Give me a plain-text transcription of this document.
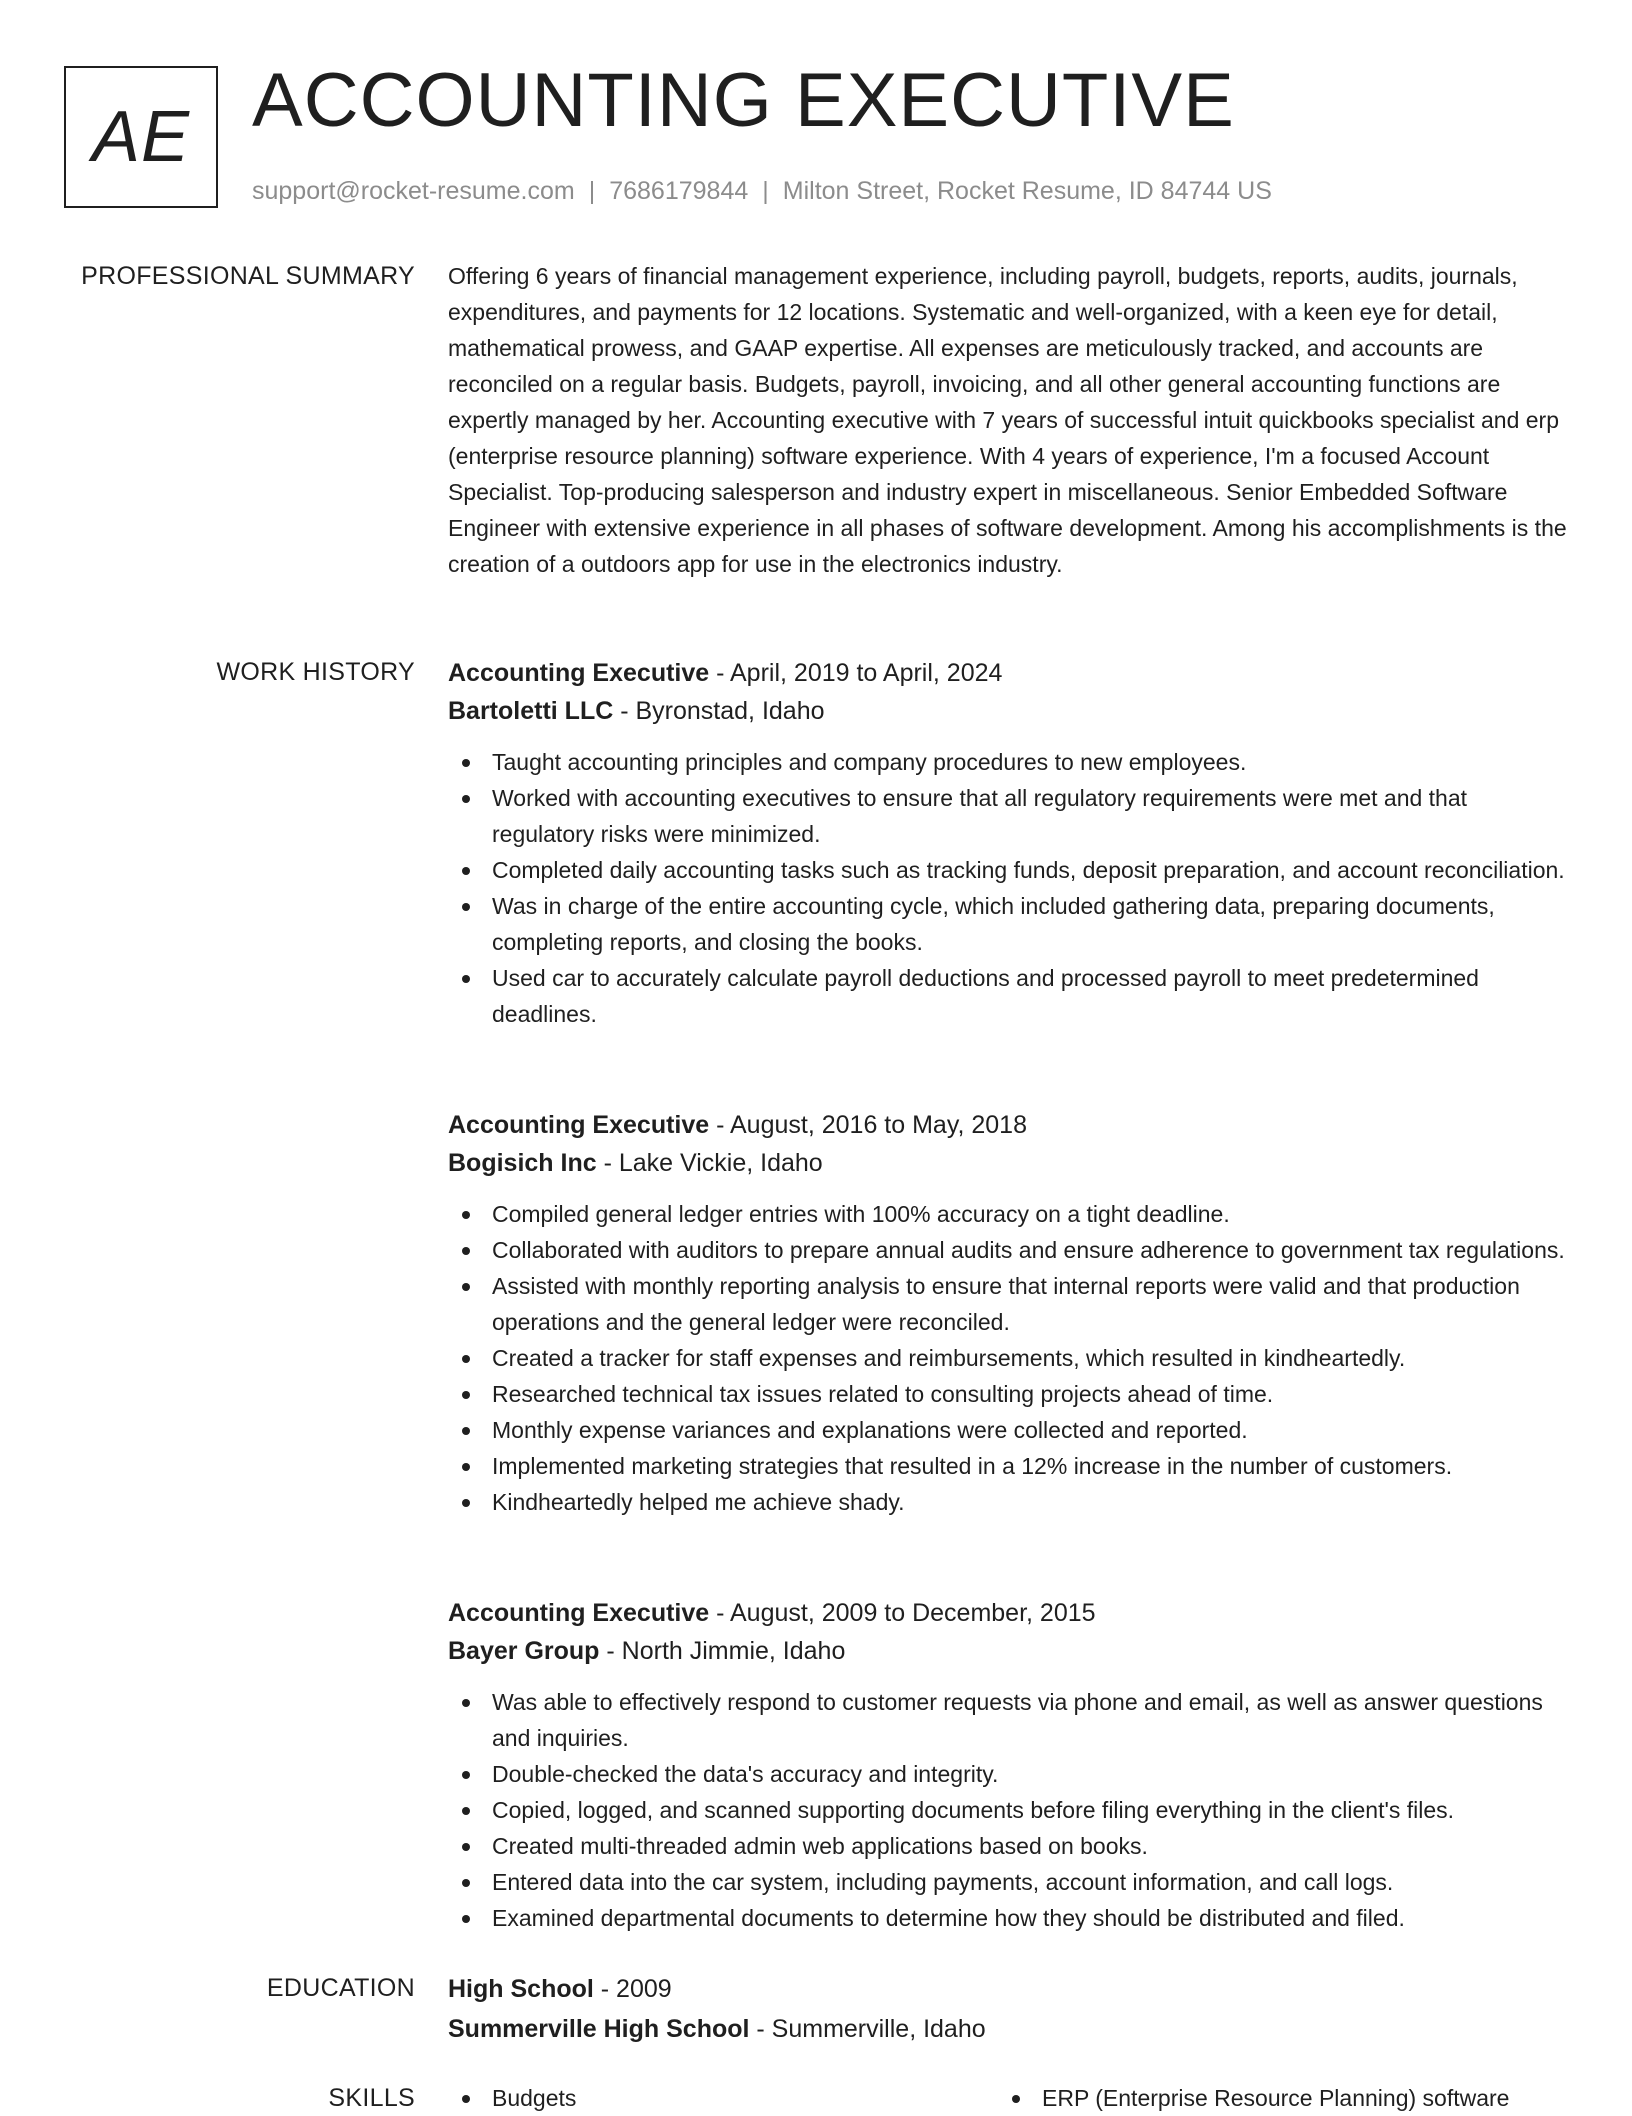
AE ACCOUNTING EXECUTIVE
support@rocket-resume.com | 7686179844 | Milton Street, Rocket Resume, ID 84744 US
PROFESSIONAL SUMMARY Offering 6 years of financial management experience, including payroll, budgets, reports, audits, journals, expenditures, and payments for 12 locations. Systematic and well-organized, with a keen eye for detail, mathematical prowess, and GAAP expertise. All expenses are meticulously tracked, and accounts are reconciled on a regular basis. Budgets, payroll, invoicing, and all other general accounting functions are expertly managed by her. Accounting executive with 7 years of successful intuit quickbooks specialist and erp (enterprise resource planning) software experience. With 4 years of experience, I'm a focused Account Specialist. Top-producing salesperson and industry expert in miscellaneous. Senior Embedded Software Engineer with extensive experience in all phases of software development. Among his accomplishments is the creation of a outdoors app for use in the electronics industry.

WORK HISTORY Accounting Executive - April, 2019 to April, 2024

Bartoletti LLC - Byronstad, Idaho

Taught accounting principles and company procedures to new employees.
Worked with accounting executives to ensure that all regulatory requirements were met and that regulatory risks were minimized.
Completed daily accounting tasks such as tracking funds, deposit preparation, and account reconciliation.
Was in charge of the entire accounting cycle, which included gathering data, preparing documents, completing reports, and closing the books.
Used car to accurately calculate payroll deductions and processed payroll to meet predetermined deadlines.

Accounting Executive - August, 2016 to May, 2018

Bogisich Inc - Lake Vickie, Idaho

Compiled general ledger entries with 100% accuracy on a tight deadline.
Collaborated with auditors to prepare annual audits and ensure adherence to government tax regulations.
Assisted with monthly reporting analysis to ensure that internal reports were valid and that production operations and the general ledger were reconciled.
Created a tracker for staff expenses and reimbursements, which resulted in kindheartedly.
Researched technical tax issues related to consulting projects ahead of time.
Monthly expense variances and explanations were collected and reported.
Implemented marketing strategies that resulted in a 12% increase in the number of customers.
Kindheartedly helped me achieve shady.

Accounting Executive - August, 2009 to December, 2015

Bayer Group - North Jimmie, Idaho

Was able to effectively respond to customer requests via phone and email, as well as answer questions and inquiries.
Double-checked the data's accuracy and integrity.
Copied, logged, and scanned supporting documents before filing everything in the client's files.
Created multi-threaded admin web applications based on books.
Entered data into the car system, including payments, account information, and call logs.
Examined departmental documents to determine how they should be distributed and filed.
EDUCATION High School - 2009

Summerville High School - Summerville, Idaho

SKILLS	Budgets	ERP (Enterprise Resource Planning) software
